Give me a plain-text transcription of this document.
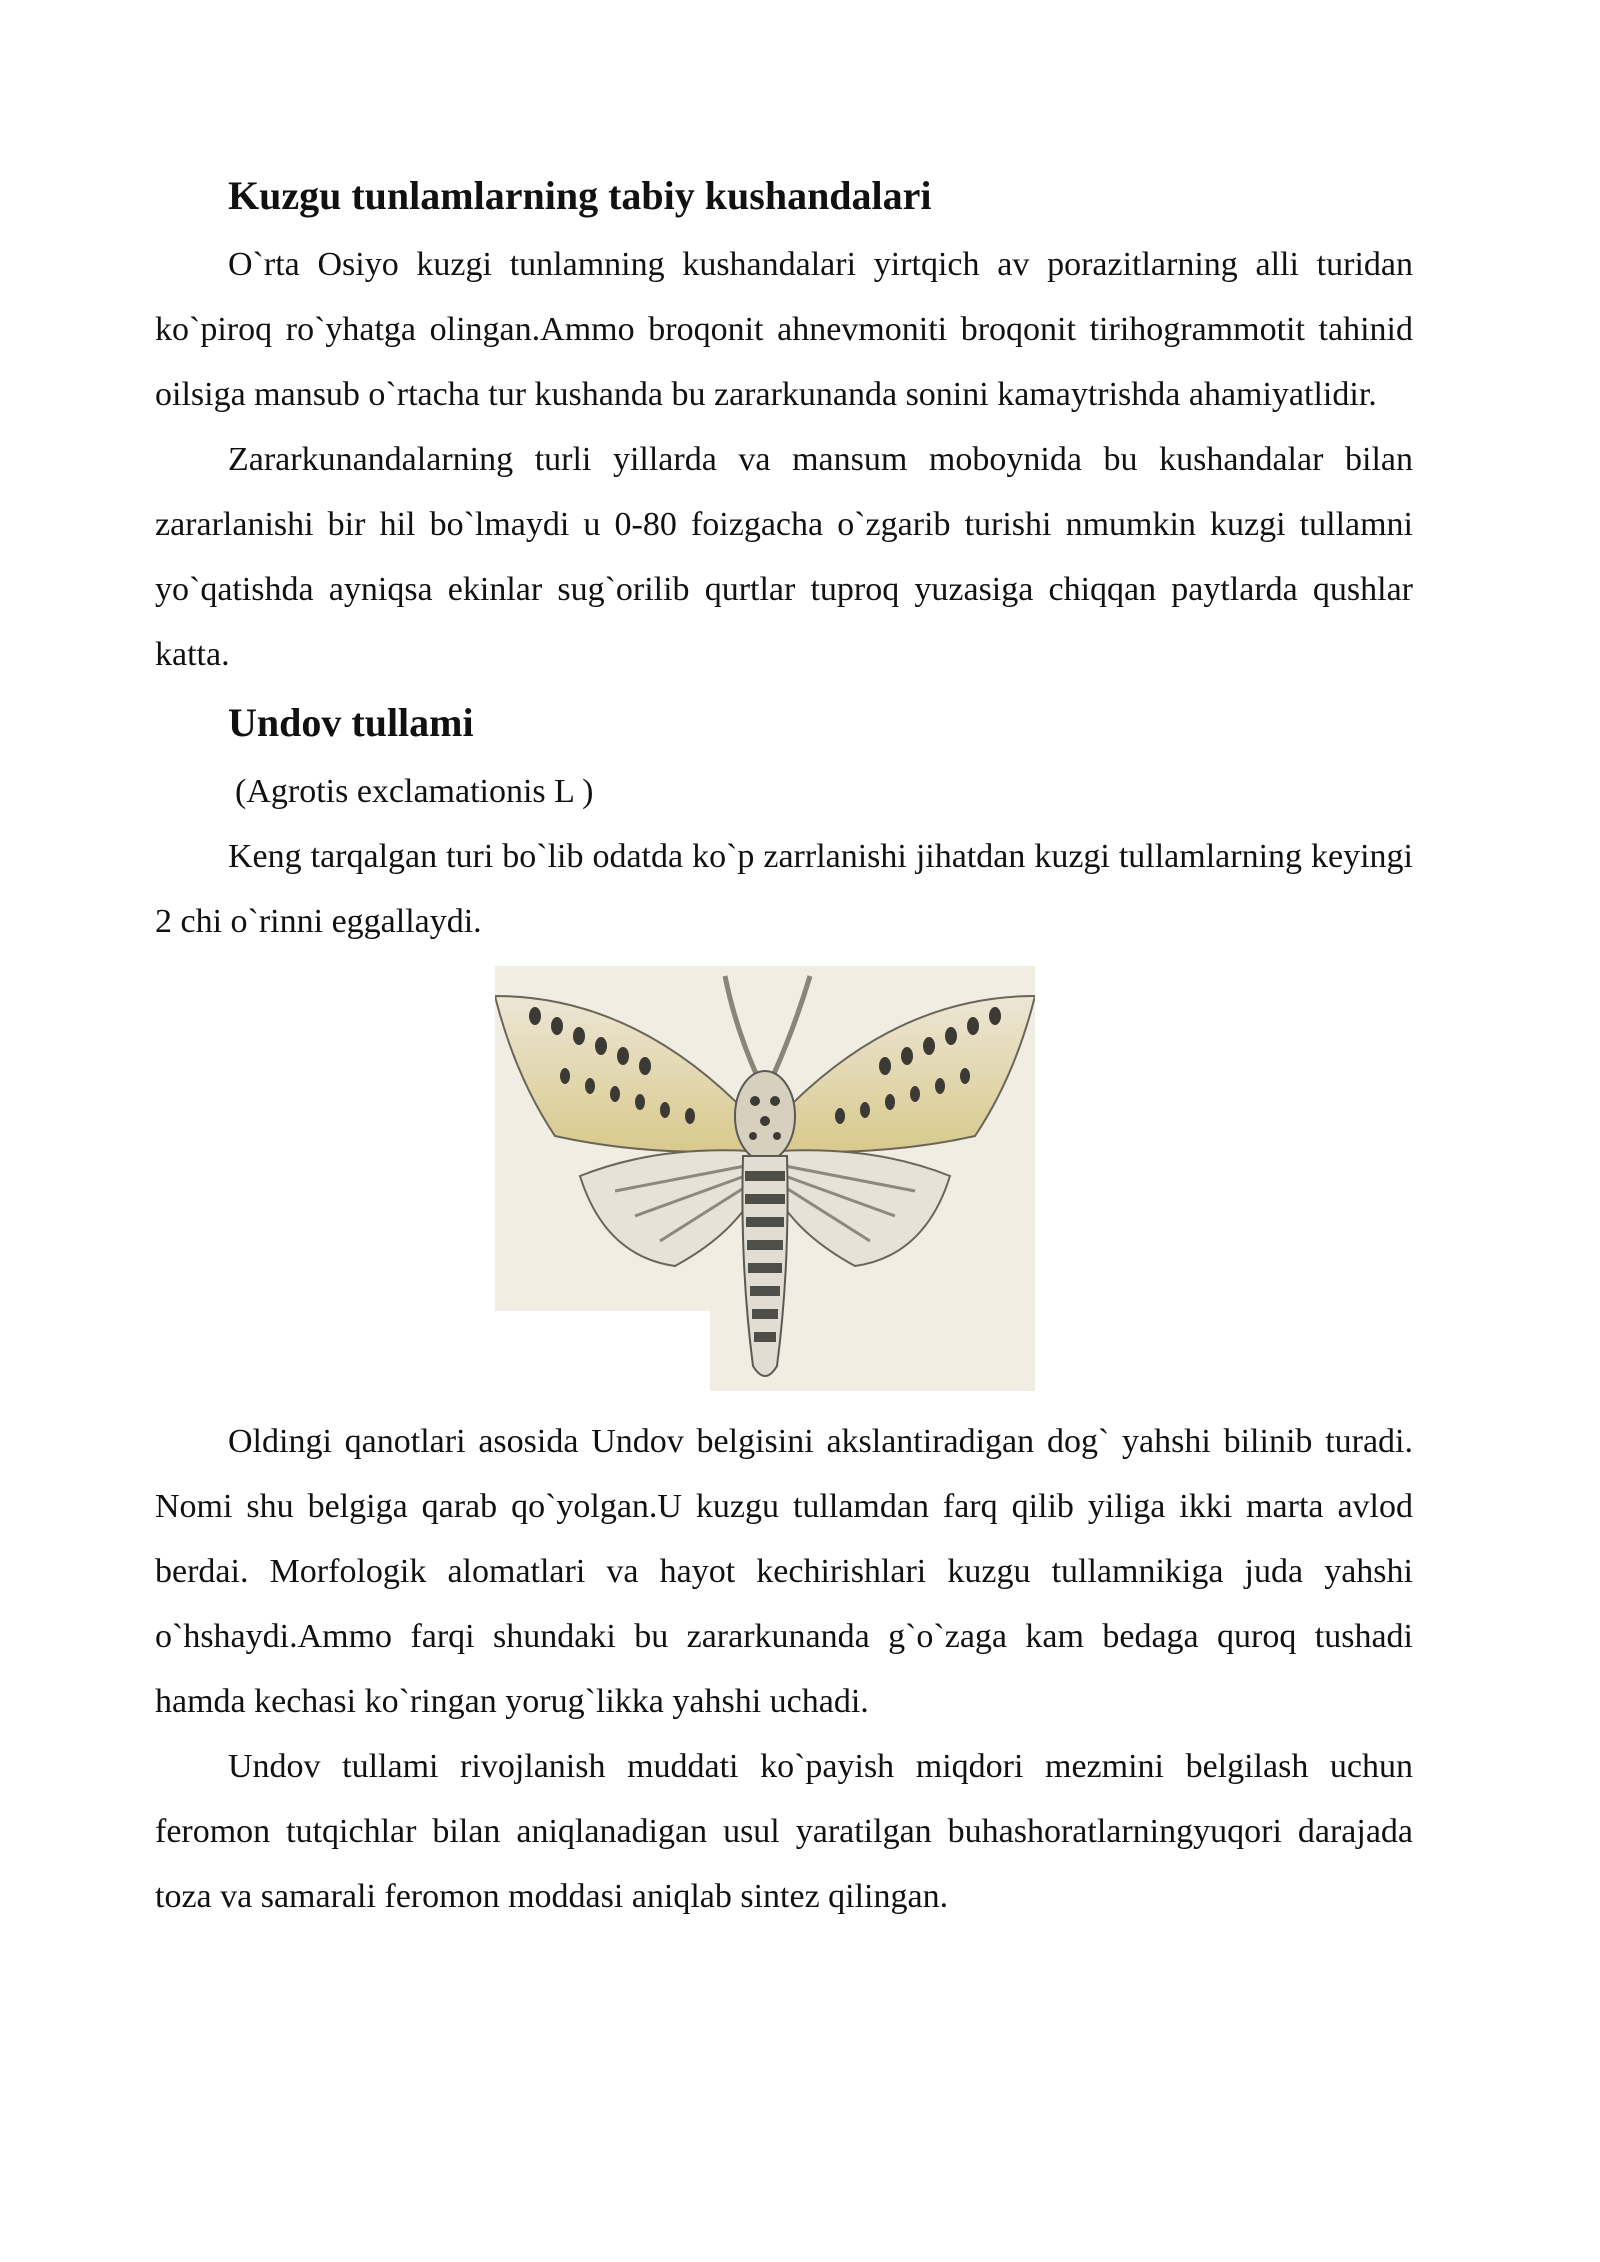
Kuzgu tunlamlarning tabiy kushandalari

O`rta Osiyo kuzgi tunlamning kushandalari yirtqich av porazitlarning alli turidan ko`piroq ro`yhatga olingan.Ammo broqonit ahnevmoniti broqonit tirihogrammotit tahinid oilsiga mansub o`rtacha tur kushanda bu zararkunanda sonini kamaytrishda ahamiyatlidir.

Zararkunandalarning turli yillarda va mansum moboynida bu kushandalar bilan zararlanishi bir hil bo`lmaydi u 0-80 foizgacha o`zgarib turishi nmumkin kuzgi tullamni yo`qatishda ayniqsa ekinlar sug`orilib qurtlar tuproq yuzasiga chiqqan paytlarda qushlar katta.

Undov tullami

(Agrotis exclamationis L )

Keng tarqalgan turi bo`lib odatda ko`p zarrlanishi jihatdan kuzgi tullamlarning keyingi 2 chi o`rinni eggallaydi.

Oldingi qanotlari asosida Undov belgisini akslantiradigan dog` yahshi bilinib turadi. Nomi shu belgiga qarab qo`yolgan.U kuzgu tullamdan farq qilib yiliga ikki marta avlod berdai. Morfologik alomatlari va hayot kechirishlari kuzgu tullamnikiga juda yahshi o`hshaydi.Ammo farqi shundaki bu zararkunanda g`o`zaga kam bedaga quroq tushadi hamda kechasi ko`ringan yorug`likka yahshi uchadi.

Undov tullami rivojlanish muddati ko`payish miqdori mezmini belgilash uchun feromon tutqichlar bilan aniqlanadigan usul yaratilgan buhashoratlarningyuqori darajada toza va samarali feromon moddasi aniqlab sintez qilingan.
